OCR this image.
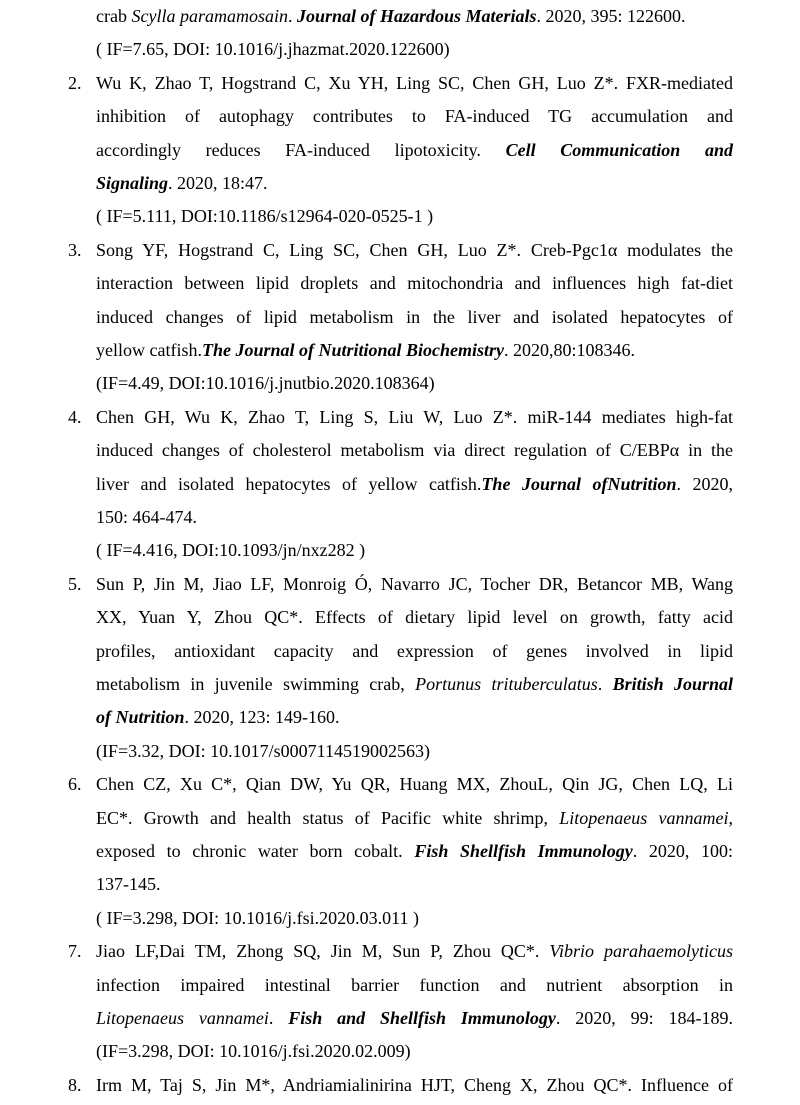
crab Scylla paramamosain. Journal of Hazardous Materials. 2020, 395: 122600.
( IF=7.65, DOI: 10.1016/j.jhazmat.2020.122600)
2. Wu K, Zhao T, Hogstrand C, Xu YH, Ling SC, Chen GH, Luo Z*. FXR-mediated
inhibition of autophagy contributes to FA-induced TG accumulation and
accordingly reduces FA-induced lipotoxicity. Cell Communication and
Signaling. 2020, 18:47.
( IF=5.111, DOI:10.1186/s12964-020-0525-1 )
3. Song YF, Hogstrand C, Ling SC, Chen GH, Luo Z*. Creb-Pgc1α modulates the
interaction between lipid droplets and mitochondria and influences high fat-diet
induced changes of lipid metabolism in the liver and isolated hepatocytes of
yellow catfish.The Journal of Nutritional Biochemistry. 2020,80:108346.
(IF=4.49, DOI:10.1016/j.jnutbio.2020.108364)
4. Chen GH, Wu K, Zhao T, Ling S, Liu W, Luo Z*. miR-144 mediates high-fat
induced changes of cholesterol metabolism via direct regulation of C/EBPα in the
liver and isolated hepatocytes of yellow catfish.The Journal ofNutrition. 2020,
150: 464-474.
( IF=4.416, DOI:10.1093/jn/nxz282 )
5. Sun P, Jin M, Jiao LF, Monroig Ó, Navarro JC, Tocher DR, Betancor MB, Wang
XX, Yuan Y, Zhou QC*. Effects of dietary lipid level on growth, fatty acid
profiles, antioxidant capacity and expression of genes involved in lipid
metabolism in juvenile swimming crab, Portunus trituberculatus. British Journal
of Nutrition. 2020, 123: 149-160.
(IF=3.32, DOI: 10.1017/s0007114519002563)
6. Chen CZ, Xu C*, Qian DW, Yu QR, Huang MX, ZhouL, Qin JG, Chen LQ, Li
EC*. Growth and health status of Pacific white shrimp, Litopenaeus vannamei,
exposed to chronic water born cobalt. Fish Shellfish Immunology. 2020, 100:
137-145.
( IF=3.298, DOI: 10.1016/j.fsi.2020.03.011 )
7. Jiao LF,Dai TM, Zhong SQ, Jin M, Sun P, Zhou QC*. Vibrio parahaemolyticus
infection impaired intestinal barrier function and nutrient absorption in
Litopenaeus vannamei. Fish and Shellfish Immunology. 2020, 99: 184-189.
(IF=3.298, DOI: 10.1016/j.fsi.2020.02.009)
8. Irm M, Taj S, Jin M*, Andriamialinirina HJT, Cheng X, Zhou QC*. Influence of
